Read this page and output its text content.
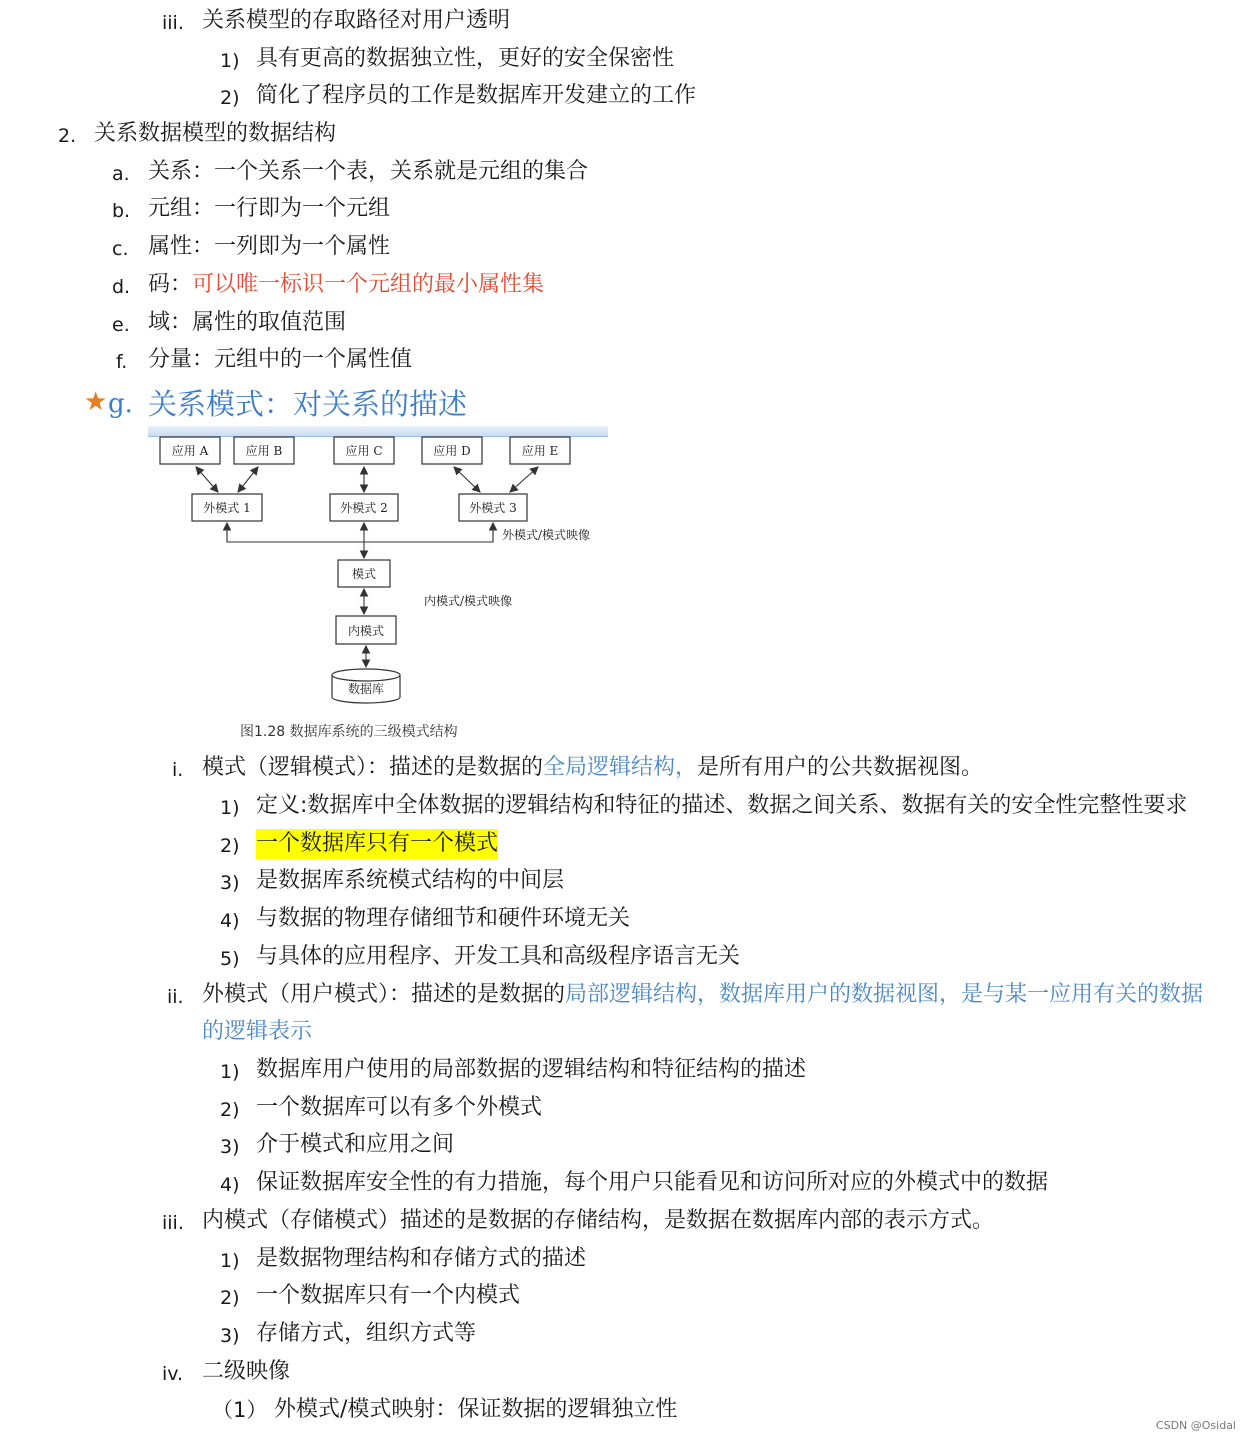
iii. 关系模型的存取路径对用户透明
1) 具有更高的数据独立性，更好的安全保密性
2) 简化了程序员的工作是数据库开发建立的工作
2. 关系数据模型的数据结构
a. 关系：一个关系一个表，关系就是元组的集合
b. 元组：一行即为一个元组
c. 属性：一列即为一个属性
d. 码：可以唯一标识一个元组的最小属性集
e. 域：属性的取值范围
f. 分量：元组中的一个属性值
★ g. 关系模式：对关系的描述
应用 A	应用 B	应用 C	应用 D	应用 E
外模式 1	外模式 2	外模式 3
模式
内模式
数据库
外模式/模式映像
内模式/模式映像
图1.28 数据库系统的三级模式结构
i. 模式（逻辑模式）：描述的是数据的全局逻辑结构，是所有用户的公共数据视图。
1) 定义:数据库中全体数据的逻辑结构和特征的描述、数据之间关系、数据有关的安全性完整性要求
2) 一个数据库只有一个模式
3) 是数据库系统模式结构的中间层
4) 与数据的物理存储细节和硬件环境无关
5) 与具体的应用程序、开发工具和高级程序语言无关
ii. 外模式（用户模式）：描述的是数据的局部逻辑结构，数据库用户的数据视图，是与某一应用有关的数据
的逻辑表示
1) 数据库用户使用的局部数据的逻辑结构和特征结构的描述
2) 一个数据库可以有多个外模式
3) 介于模式和应用之间
4) 保证数据库安全性的有力措施，每个用户只能看见和访问所对应的外模式中的数据
iii. 内模式（存储模式）描述的是数据的存储结构，是数据在数据库内部的表示方式。
1) 是数据物理结构和存储方式的描述
2) 一个数据库只有一个内模式
3) 存储方式，组织方式等
iv. 二级映像
（1） 外模式/模式映射：保证数据的逻辑独立性
CSDN @Osidal
